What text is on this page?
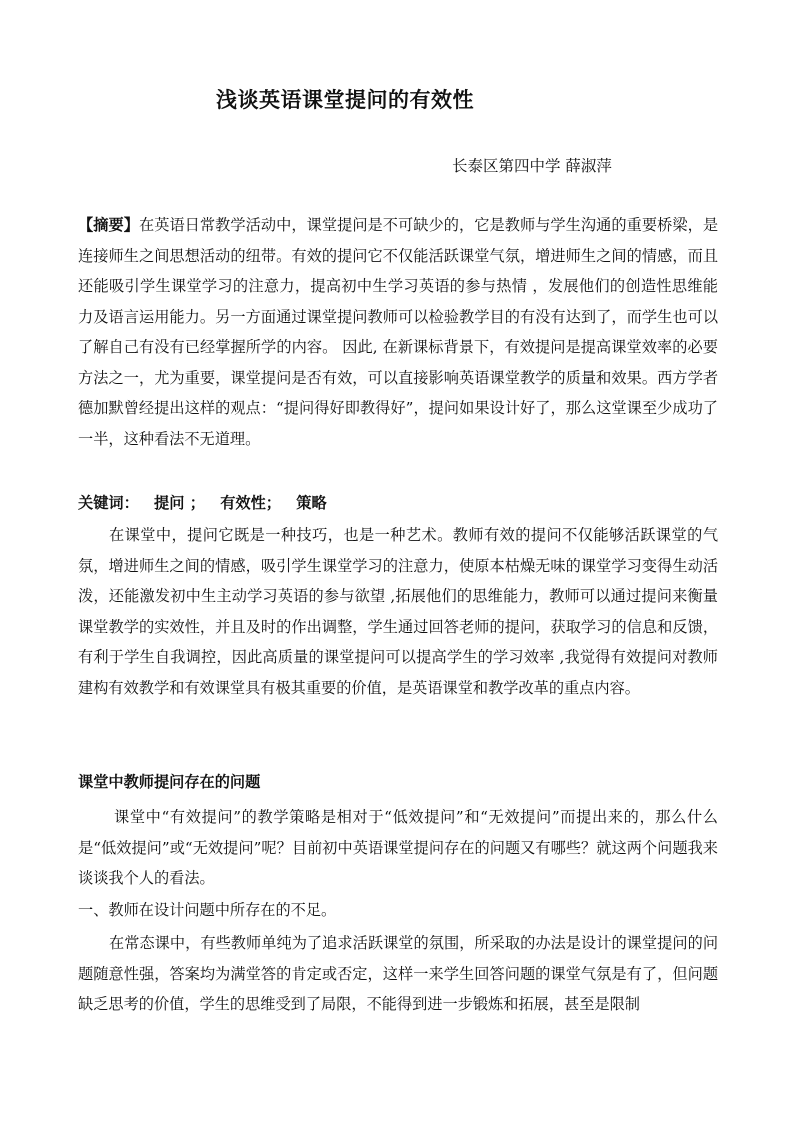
浅谈英语课堂提问的有效性
长泰区第四中学 薛淑萍
【摘要】在英语日常教学活动中，课堂提问是不可缺少的，它是教师与学生沟通的重要桥梁，是连接师生之间思想活动的纽带。有效的提问它不仅能活跃课堂气氛，增进师生之间的情感，而且还能吸引学生课堂学习的注意力，提高初中生学习英语的参与热情 ，发展他们的创造性思维能力及语言运用能力。另一方面通过课堂提问教师可以检验教学目的有没有达到了，而学生也可以了解自己有没有已经掌握所学的内容。 因此, 在新课标背景下，有效提问是提高课堂效率的必要方法之一，尤为重要，课堂提问是否有效，可以直接影响英语课堂教学的质量和效果。西方学者德加默曾经提出这样的观点：“提问得好即教得好”，提问如果设计好了，那么这堂课至少成功了一半，这种看法不无道理。
关键词： 提问 ； 有效性； 策略
在课堂中，提问它既是一种技巧，也是一种艺术。教师有效的提问不仅能够活跃课堂的气氛，增进师生之间的情感，吸引学生课堂学习的注意力，使原本枯燥无味的课堂学习变得生动活泼，还能激发初中生主动学习英语的参与欲望 ,拓展他们的思维能力，教师可以通过提问来衡量课堂教学的实效性，并且及时的作出调整，学生通过回答老师的提问，获取学习的信息和反馈，有利于学生自我调控，因此高质量的课堂提问可以提高学生的学习效率 ,我觉得有效提问对教师建构有效教学和有效课堂具有极其重要的价值，是英语课堂和教学改革的重点内容。
课堂中教师提问存在的问题
课堂中“有效提问”的教学策略是相对于“低效提问”和“无效提问”而提出来的，那么什么是“低效提问”或“无效提问”呢？目前初中英语课堂提问存在的问题又有哪些？就这两个问题我来谈谈我个人的看法。
一、教师在设计问题中所存在的不足。
在常态课中，有些教师单纯为了追求活跃课堂的氛围，所采取的办法是设计的课堂提问的问题随意性强，答案均为满堂答的肯定或否定，这样一来学生回答问题的课堂气氛是有了，但问题缺乏思考的价值，学生的思维受到了局限，不能得到进一步锻炼和拓展，甚至是限制
